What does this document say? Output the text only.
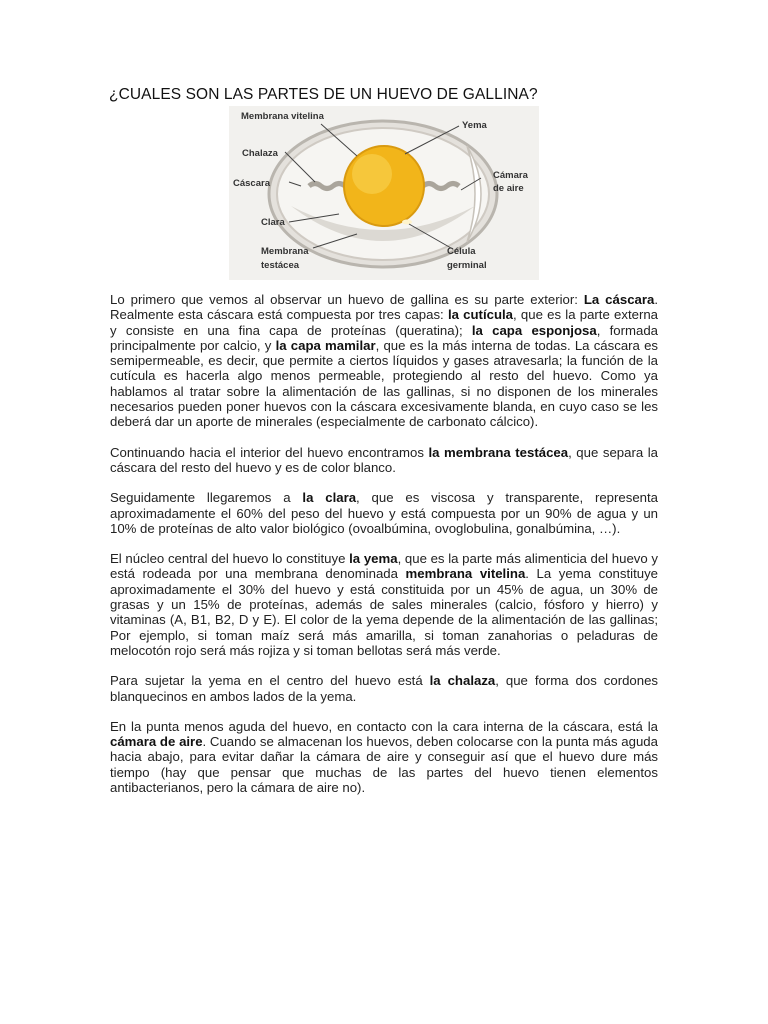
¿CUALES SON LAS PARTES DE UN HUEVO DE GALLINA?
Membrana vitelina
Yema
Chalaza
Cámara
de aire
Cáscara
Clara
Membrana
testácea
Célula
germinal

Lo primero que vemos al observar un huevo de gallina es su parte exterior: La cáscara. Realmente esta cáscara está compuesta por tres capas: la cutícula, que es la parte externa y consiste en una fina capa de proteínas (queratina); la capa esponjosa, formada principalmente por calcio, y la capa mamilar, que es la más interna de todas. La cáscara es semipermeable, es decir, que permite a ciertos líquidos y gases atravesarla; la función de la cutícula es hacerla algo menos permeable, protegiendo al resto del huevo. Como ya hablamos al tratar sobre la alimentación de las gallinas, si no disponen de los minerales necesarios pueden poner huevos con la cáscara excesivamente blanda, en cuyo caso se les deberá dar un aporte de minerales (especialmente de carbonato cálcico).

Continuando hacia el interior del huevo encontramos la membrana testácea, que separa la cáscara del resto del huevo y es de color blanco.

Seguidamente llegaremos a la clara, que es viscosa y transparente, representa aproximadamente el 60% del peso del huevo y está compuesta por un 90% de agua y un 10% de proteínas de alto valor biológico (ovoalbúmina, ovoglobulina, gonalbúmina, …).

El núcleo central del huevo lo constituye la yema, que es la parte más alimenticia del huevo y está rodeada por una membrana denominada membrana vitelina. La yema constituye aproximadamente el 30% del huevo y está constituida por un 45% de agua, un 30% de grasas y un 15% de proteínas, además de sales minerales (calcio, fósforo y hierro) y vitaminas (A, B1, B2, D y E). El color de la yema depende de la alimentación de las gallinas; Por ejemplo, si toman maíz será más amarilla, si toman zanahorias o peladuras de melocotón rojo será más rojiza y si toman bellotas será más verde.

Para sujetar la yema en el centro del huevo está la chalaza, que forma dos cordones blanquecinos en ambos lados de la yema.

En la punta menos aguda del huevo, en contacto con la cara interna de la cáscara, está la cámara de aire. Cuando se almacenan los huevos, deben colocarse con la punta más aguda hacia abajo, para evitar dañar la cámara de aire y conseguir así que el huevo dure más tiempo (hay que pensar que muchas de las partes del huevo tienen elementos antibacterianos, pero la cámara de aire no).
